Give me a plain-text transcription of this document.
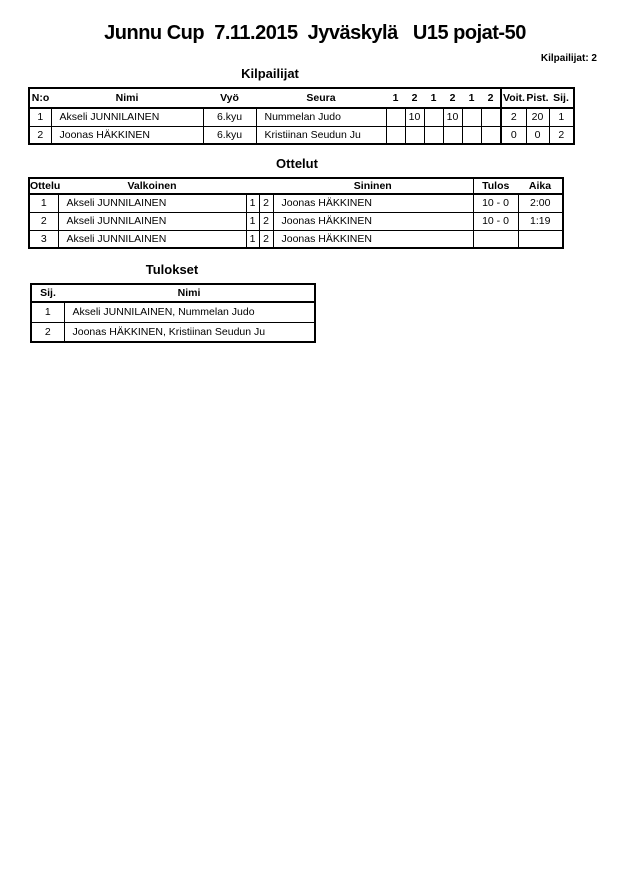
Junnu Cup  7.11.2015  Jyväskylä   U15 pojat-50
Kilpailijat: 2
Kilpailijat
N:o	Nimi	Vyö	Seura	1	2	1	2	1	2	Voit.	Pist.	Sij.
1	Akseli JUNNILAINEN	6.kyu	Nummelan Judo		10		10			2	20	1
2	Joonas HÄKKINEN	6.kyu	Kristiinan Seudun Ju							0	0	2
Ottelut
Ottelu	Valkoinen			Sininen	Tulos	Aika
1	Akseli JUNNILAINEN	1	2	Joonas HÄKKINEN	10 - 0	2:00
2	Akseli JUNNILAINEN	1	2	Joonas HÄKKINEN	10 - 0	1:19
3	Akseli JUNNILAINEN	1	2	Joonas HÄKKINEN		
Tulokset
Sij.	Nimi
1	Akseli JUNNILAINEN, Nummelan Judo
2	Joonas HÄKKINEN, Kristiinan Seudun Ju
